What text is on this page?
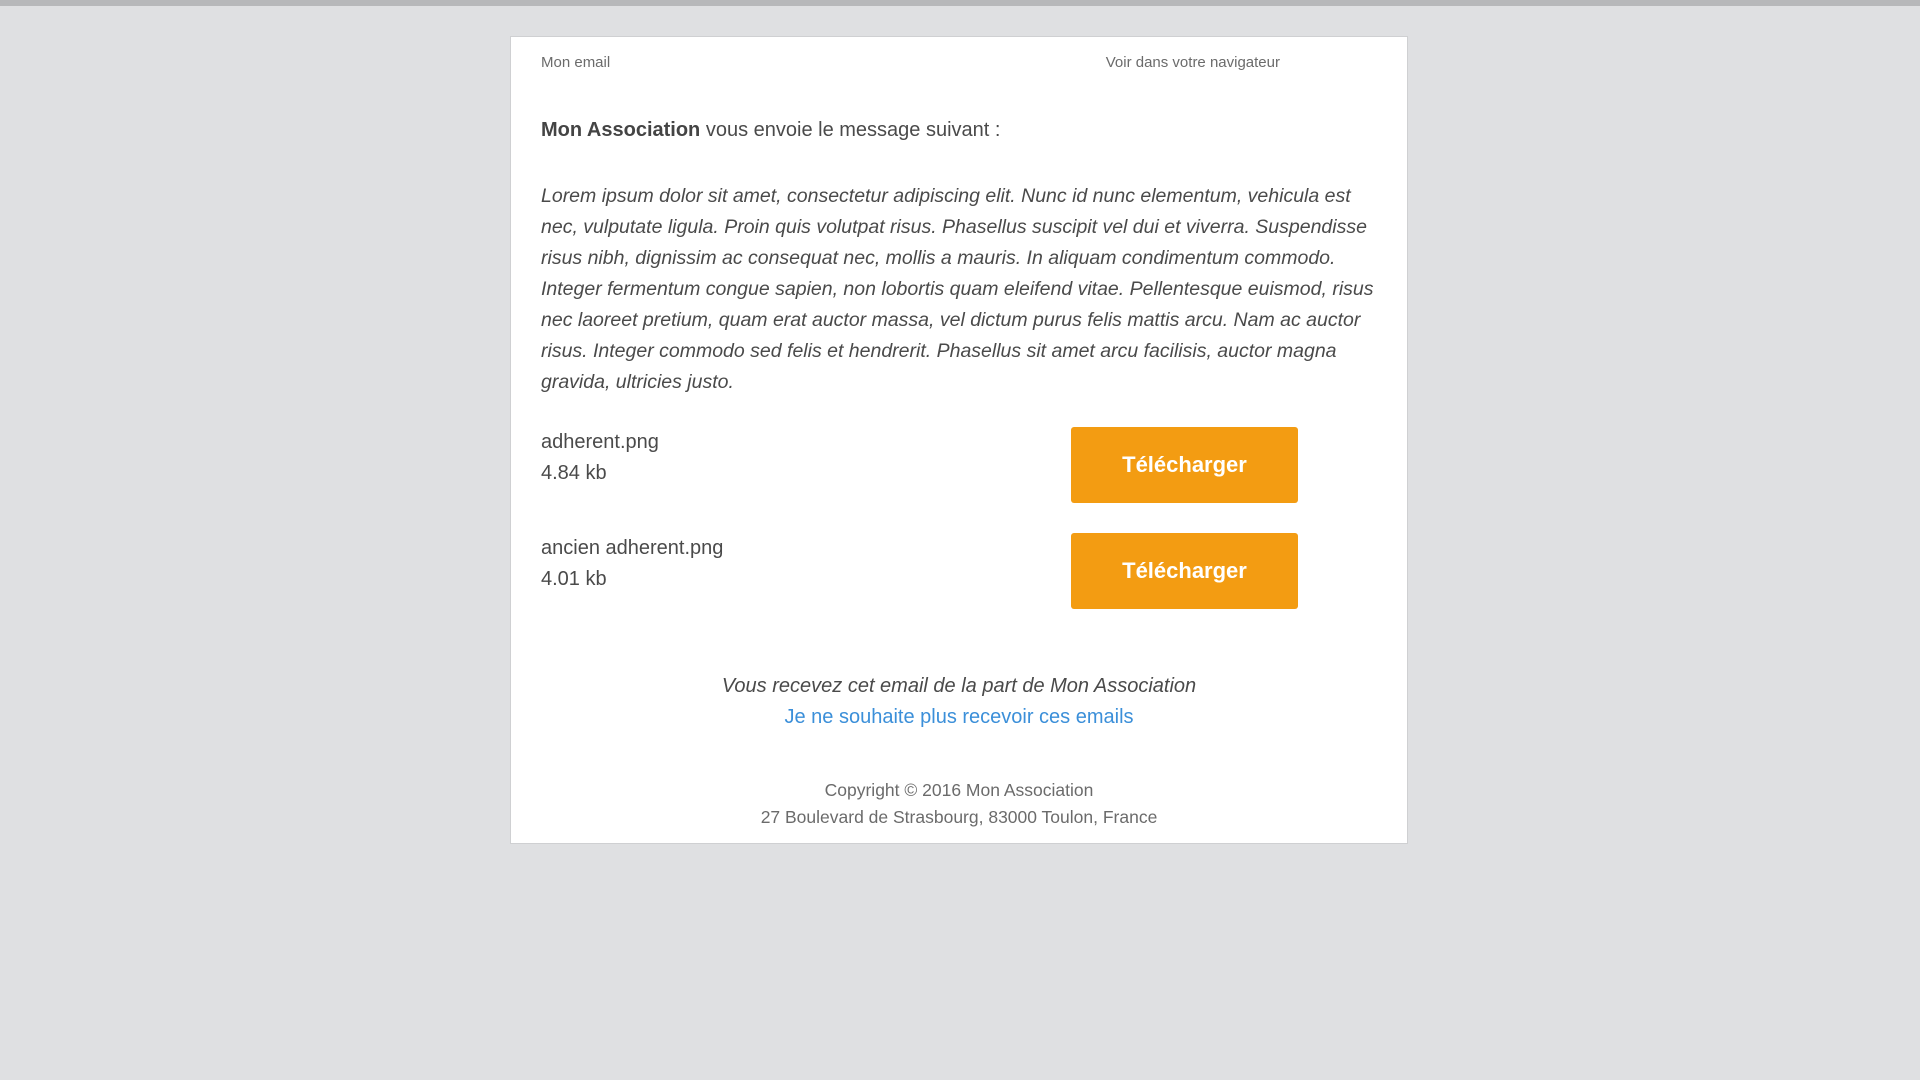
Mon email	Voir dans votre navigateur
Mon Association vous envoie le message suivant :

Lorem ipsum dolor sit amet, consectetur adipiscing elit. Nunc id nunc elementum, vehicula est nec, vulputate ligula. Proin quis volutpat risus. Phasellus suscipit vel dui et viverra. Suspendisse risus nibh, dignissim ac consequat nec, mollis a mauris. In aliquam condimentum commodo. Integer fermentum congue sapien, non lobortis quam eleifend vitae. Pellentesque euismod, risus nec laoreet pretium, quam erat auctor massa, vel dictum purus felis mattis arcu. Nam ac auctor risus. Integer commodo sed felis et hendrerit. Phasellus sit amet arcu facilisis, auctor magna gravida, ultricies justo.

adherent.png
4.84 kb	Télécharger
ancien adherent.png
4.01 kb	Télécharger
Vous recevez cet email de la part de Mon Association
Je ne souhaite plus recevoir ces emails
Copyright © 2016 Mon Association
27 Boulevard de Strasbourg, 83000 Toulon, France
